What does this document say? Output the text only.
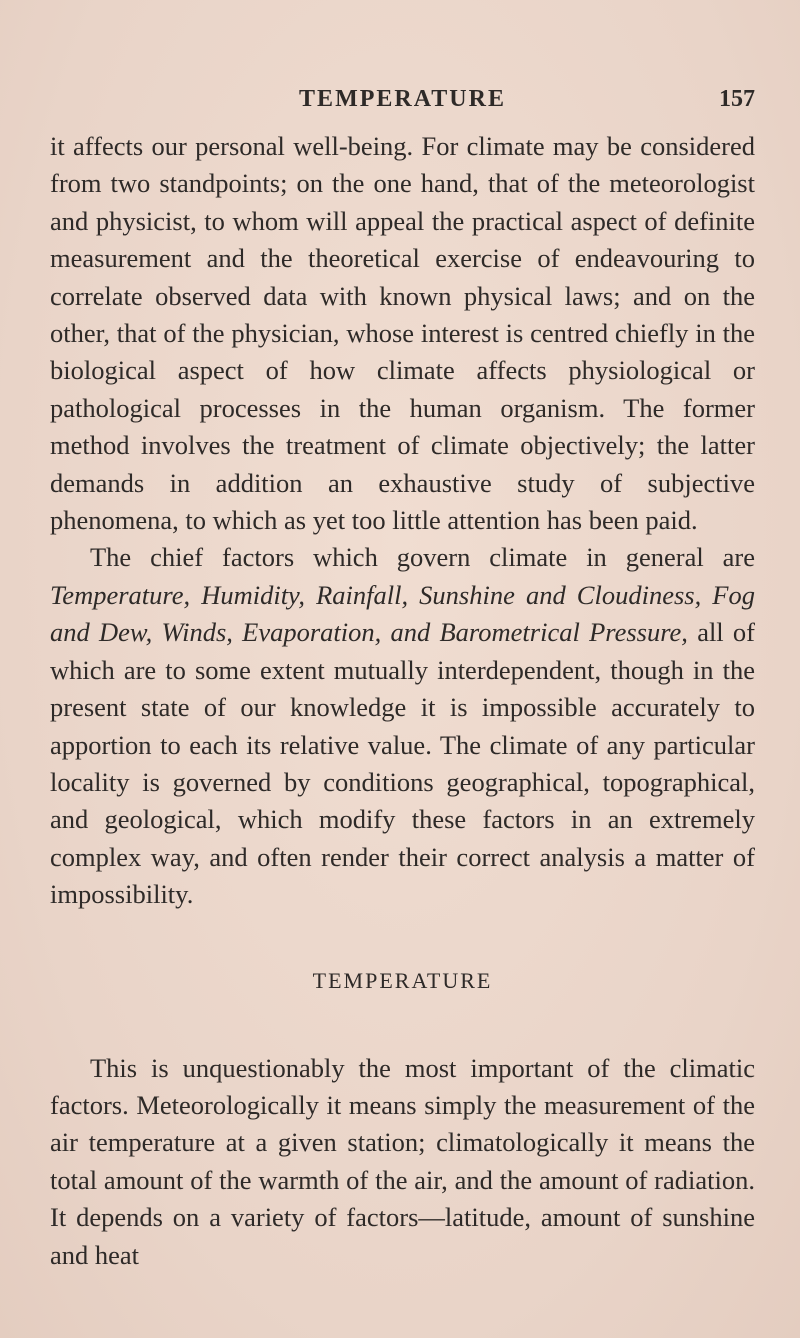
TEMPERATURE	157

it affects our personal well-being. For climate may be considered from two standpoints; on the one hand, that of the meteorologist and physicist, to whom will appeal the practical aspect of definite measurement and the theoretical exercise of endeavouring to correlate observed data with known physical laws; and on the other, that of the physician, whose interest is centred chiefly in the biological aspect of how climate affects physiological or pathological processes in the human organism. The former method involves the treatment of climate objectively; the latter demands in addition an exhaustive study of subjective phenomena, to which as yet too little attention has been paid.

The chief factors which govern climate in general are Temperature, Humidity, Rainfall, Sunshine and Cloudiness, Fog and Dew, Winds, Evaporation, and Barometrical Pressure, all of which are to some extent mutually interdependent, though in the present state of our knowledge it is impossible accurately to apportion to each its relative value. The climate of any particular locality is governed by conditions geographical, topographical, and geological, which modify these factors in an extremely complex way, and often render their correct analysis a matter of impossibility.

TEMPERATURE

This is unquestionably the most important of the climatic factors. Meteorologically it means simply the measurement of the air temperature at a given station; climatologically it means the total amount of the warmth of the air, and the amount of radiation. It depends on a variety of factors—latitude, amount of sunshine and heat
